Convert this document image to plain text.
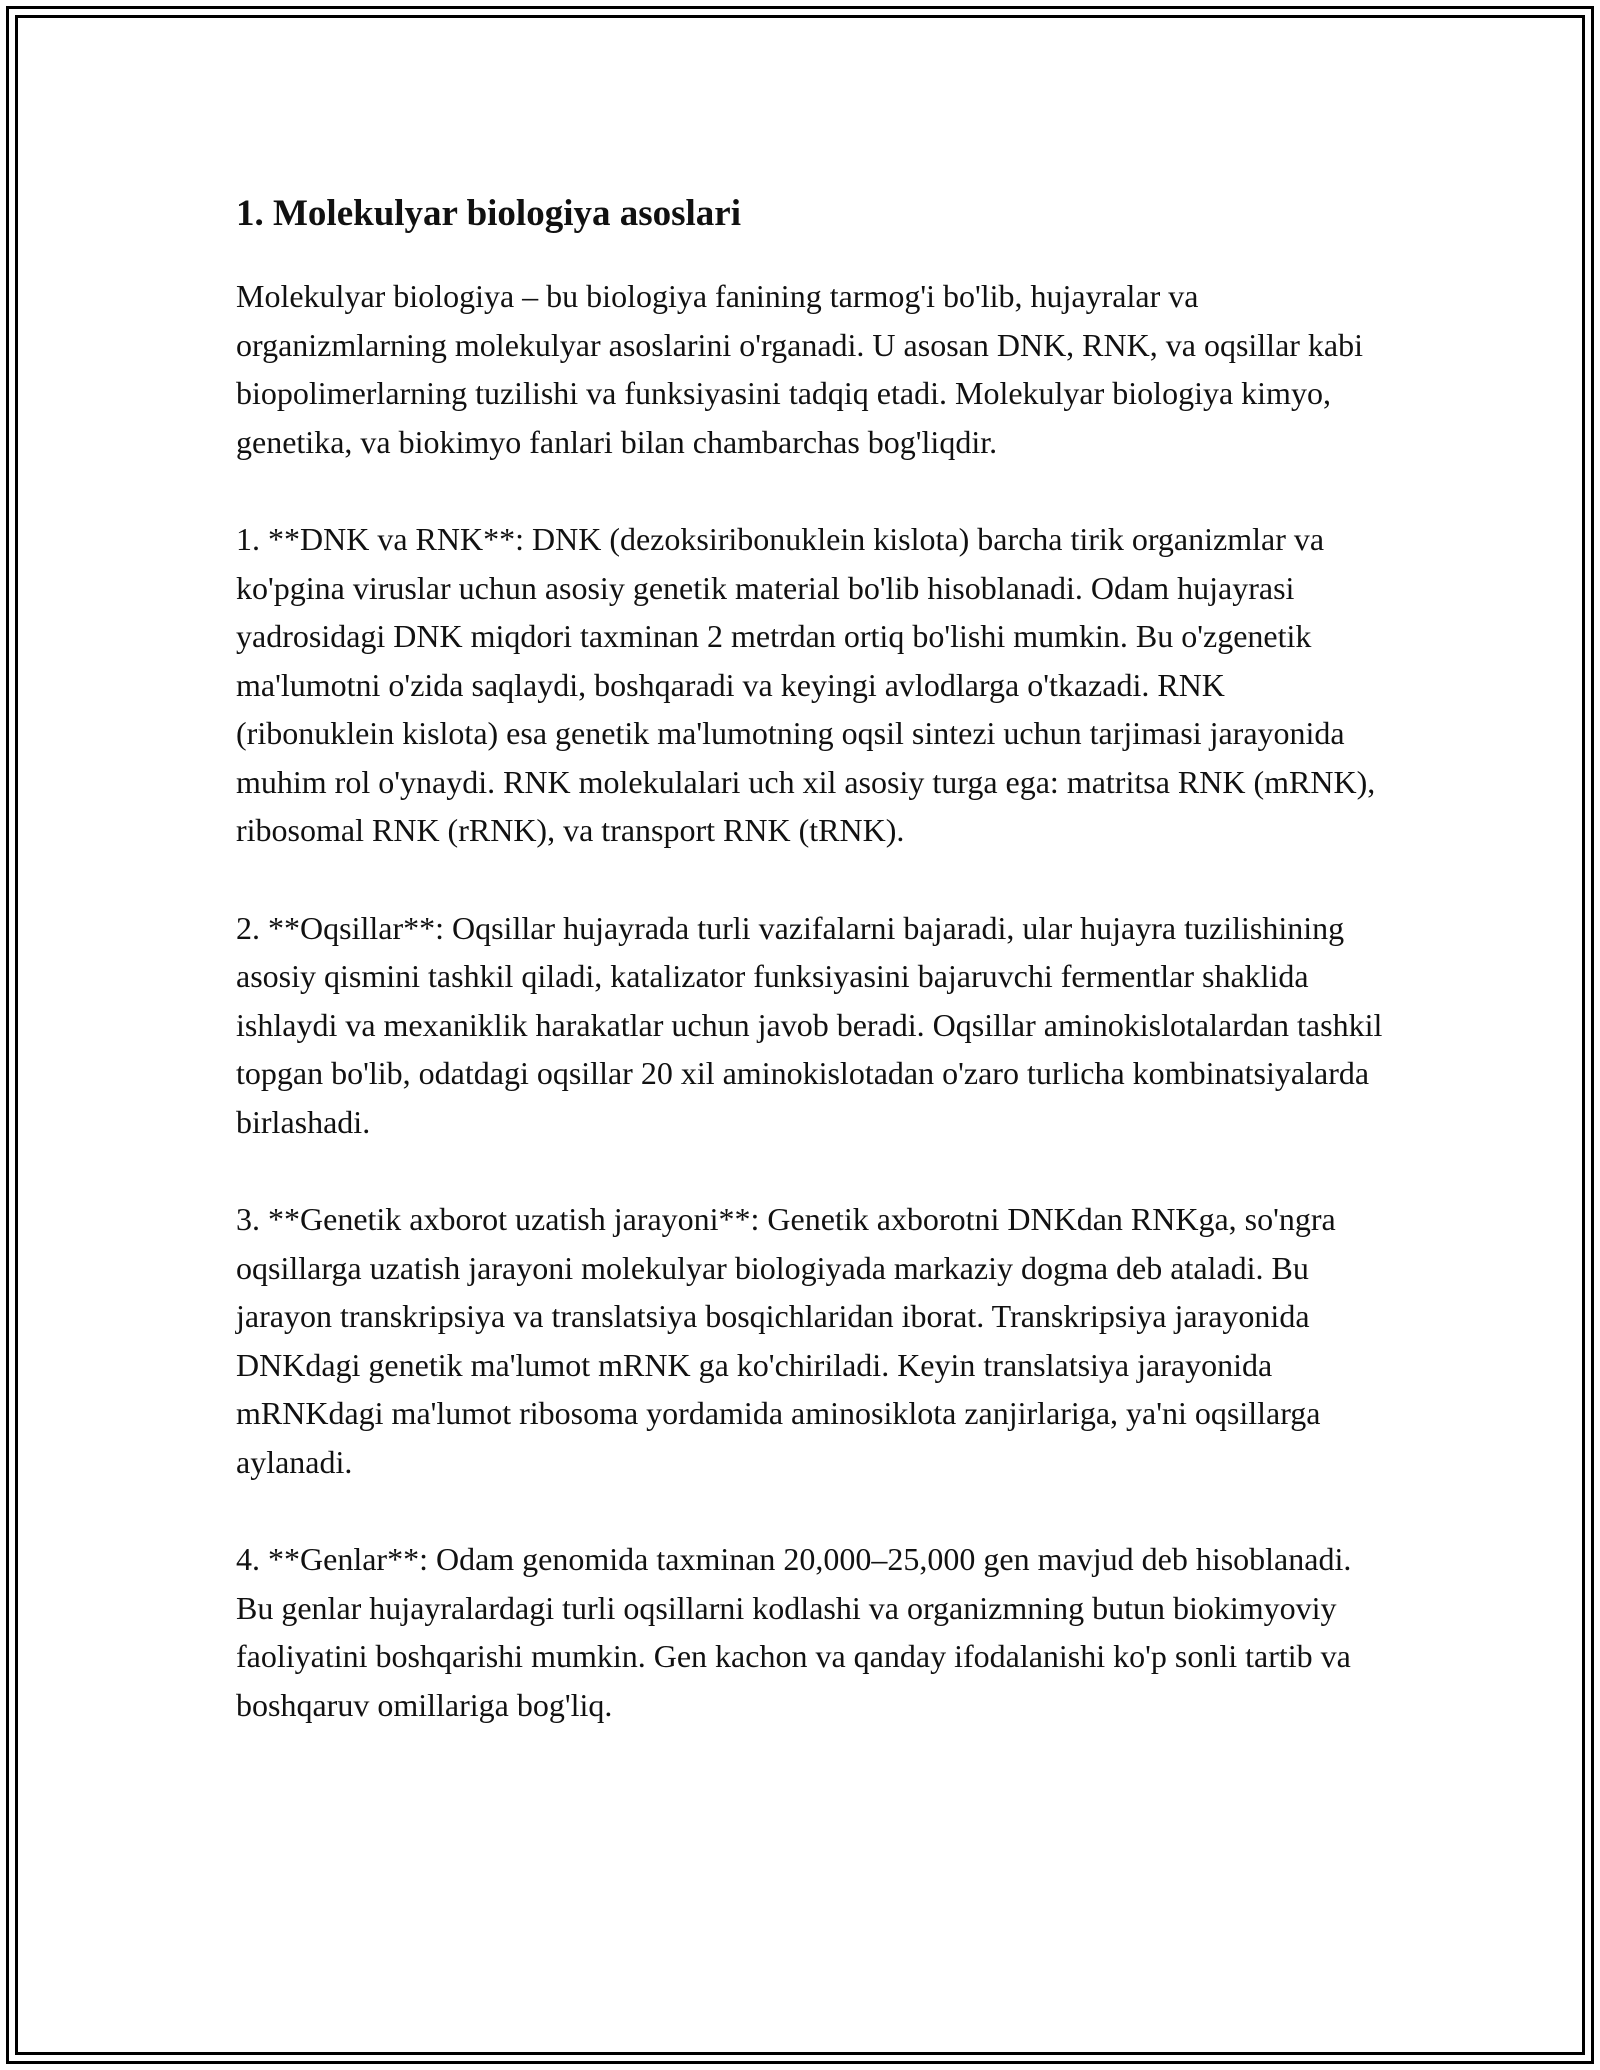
1. Molekulyar biologiya asoslari

Molekulyar biologiya – bu biologiya fanining tarmog'i bo'lib, hujayralar va organizmlarning molekulyar asoslarini o'rganadi. U asosan DNK, RNK, va oqsillar kabi biopolimerlarning tuzilishi va funksiyasini tadqiq etadi. Molekulyar biologiya kimyo, genetika, va biokimyo fanlari bilan chambarchas bog'liqdir.

1. **DNK va RNK**: DNK (dezoksiribonuklein kislota) barcha tirik organizmlar va ko'pgina viruslar uchun asosiy genetik material bo'lib hisoblanadi. Odam hujayrasi yadrosidagi DNK miqdori taxminan 2 metrdan ortiq bo'lishi mumkin. Bu o'zgenetik ma'lumotni o'zida saqlaydi, boshqaradi va keyingi avlodlarga o'tkazadi. RNK (ribonuklein kislota) esa genetik ma'lumotning oqsil sintezi uchun tarjimasi jarayonida muhim rol o'ynaydi. RNK molekulalari uch xil asosiy turga ega: matritsa RNK (mRNK), ribosomal RNK (rRNK), va transport RNK (tRNK).

2. **Oqsillar**: Oqsillar hujayrada turli vazifalarni bajaradi, ular hujayra tuzilishining asosiy qismini tashkil qiladi, katalizator funksiyasini bajaruvchi fermentlar shaklida ishlaydi va mexaniklik harakatlar uchun javob beradi. Oqsillar aminokislotalardan tashkil topgan bo'lib, odatdagi oqsillar 20 xil aminokislotadan o'zaro turlicha kombinatsiyalarda birlashadi.

3. **Genetik axborot uzatish jarayoni**: Genetik axborotni DNKdan RNKga, so'ngra oqsillarga uzatish jarayoni molekulyar biologiyada markaziy dogma deb ataladi. Bu jarayon transkripsiya va translatsiya bosqichlaridan iborat. Transkripsiya jarayonida DNKdagi genetik ma'lumot mRNK ga ko'chiriladi. Keyin translatsiya jarayonida mRNKdagi ma'lumot ribosoma yordamida aminosiklota zanjirlariga, ya'ni oqsillarga aylanadi.

4. **Genlar**: Odam genomida taxminan 20,000–25,000 gen mavjud deb hisoblanadi. Bu genlar hujayralardagi turli oqsillarni kodlashi va organizmning butun biokimyoviy faoliyatini boshqarishi mumkin. Gen kachon va qanday ifodalanishi ko'p sonli tartib va boshqaruv omillariga bog'liq.
